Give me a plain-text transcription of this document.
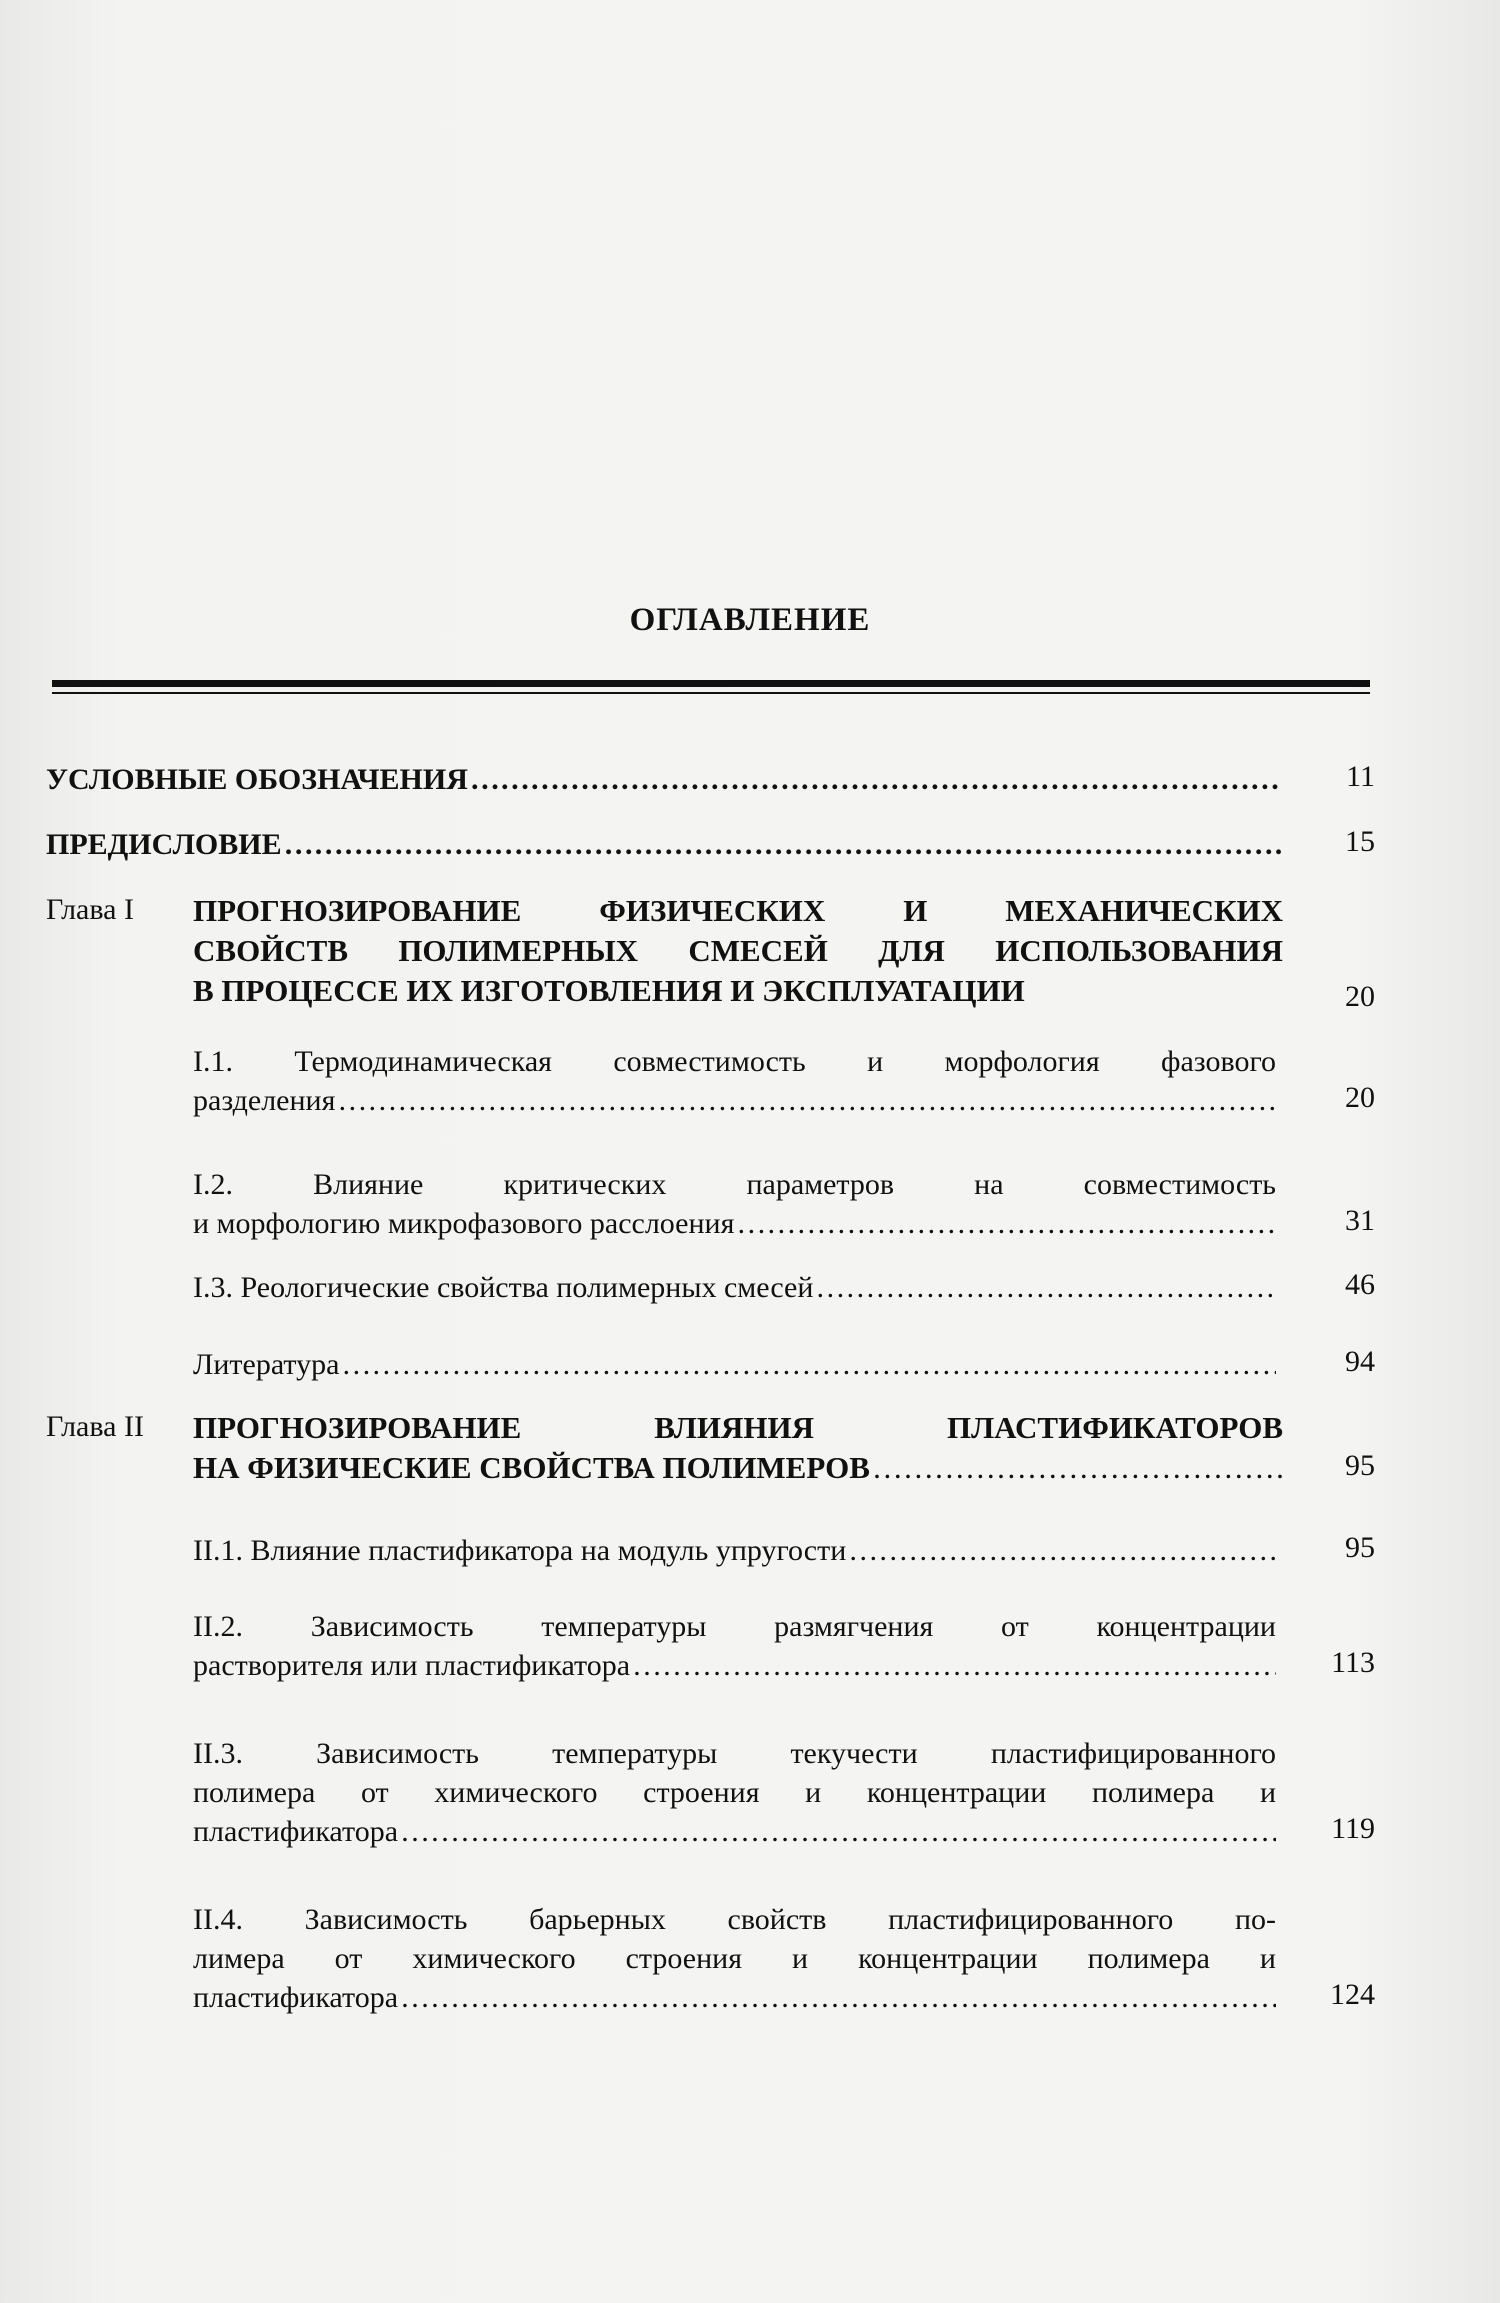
ОГЛАВЛЕНИЕ
УСЛОВНЫЕ ОБОЗНАЧЕНИЯ ………………………………………………………………………………………………………………………………………………………………………………………	11
ПРЕДИСЛОВИЕ ………………………………………………………………………………………………………………………………………………………………………………………	15
Глава I ПРОГНОЗИРОВАНИЕ ФИЗИЧЕСКИХ И МЕХАНИЧЕСКИХ
СВОЙСТВ ПОЛИМЕРНЫХ СМЕСЕЙ ДЛЯ ИСПОЛЬЗОВАНИЯ
В ПРОЦЕССЕ ИХ ИЗГОТОВЛЕНИЯ И ЭКСПЛУАТАЦИИ	20
I.1. Термодинамическая совместимость и морфология фазового
разделения ………………………………………………………………………………………………………………………………………………………………………………………	20
I.2. Влияние критических параметров на совместимость
и морфологию микрофазового расслоения ………………………………………………………………………………………………………………………………………………………………………………………	31
I.3. Реологические свойства полимерных смесей ………………………………………………………………………………………………………………………………………………………………………………………	46
Литература ………………………………………………………………………………………………………………………………………………………………………………………	94
Глава II ПРОГНОЗИРОВАНИЕ ВЛИЯНИЯ ПЛАСТИФИКАТОРОВ
НА ФИЗИЧЕСКИЕ СВОЙСТВА ПОЛИМЕРОВ ………………………………………………………………………………………………………………………………………………………………………………………	95
II.1. Влияние пластификатора на модуль упругости ………………………………………………………………………………………………………………………………………………………………………………………	95
II.2. Зависимость температуры размягчения от концентрации
растворителя или пластификатора ………………………………………………………………………………………………………………………………………………………………………………………	113
II.3. Зависимость температуры текучести пластифицированного
полимера от химического строения и концентрации полимера и
пластификатора ………………………………………………………………………………………………………………………………………………………………………………………	119
II.4. Зависимость барьерных свойств пластифицированного по-
лимера от химического строения и концентрации полимера и
пластификатора ………………………………………………………………………………………………………………………………………………………………………………………	124
